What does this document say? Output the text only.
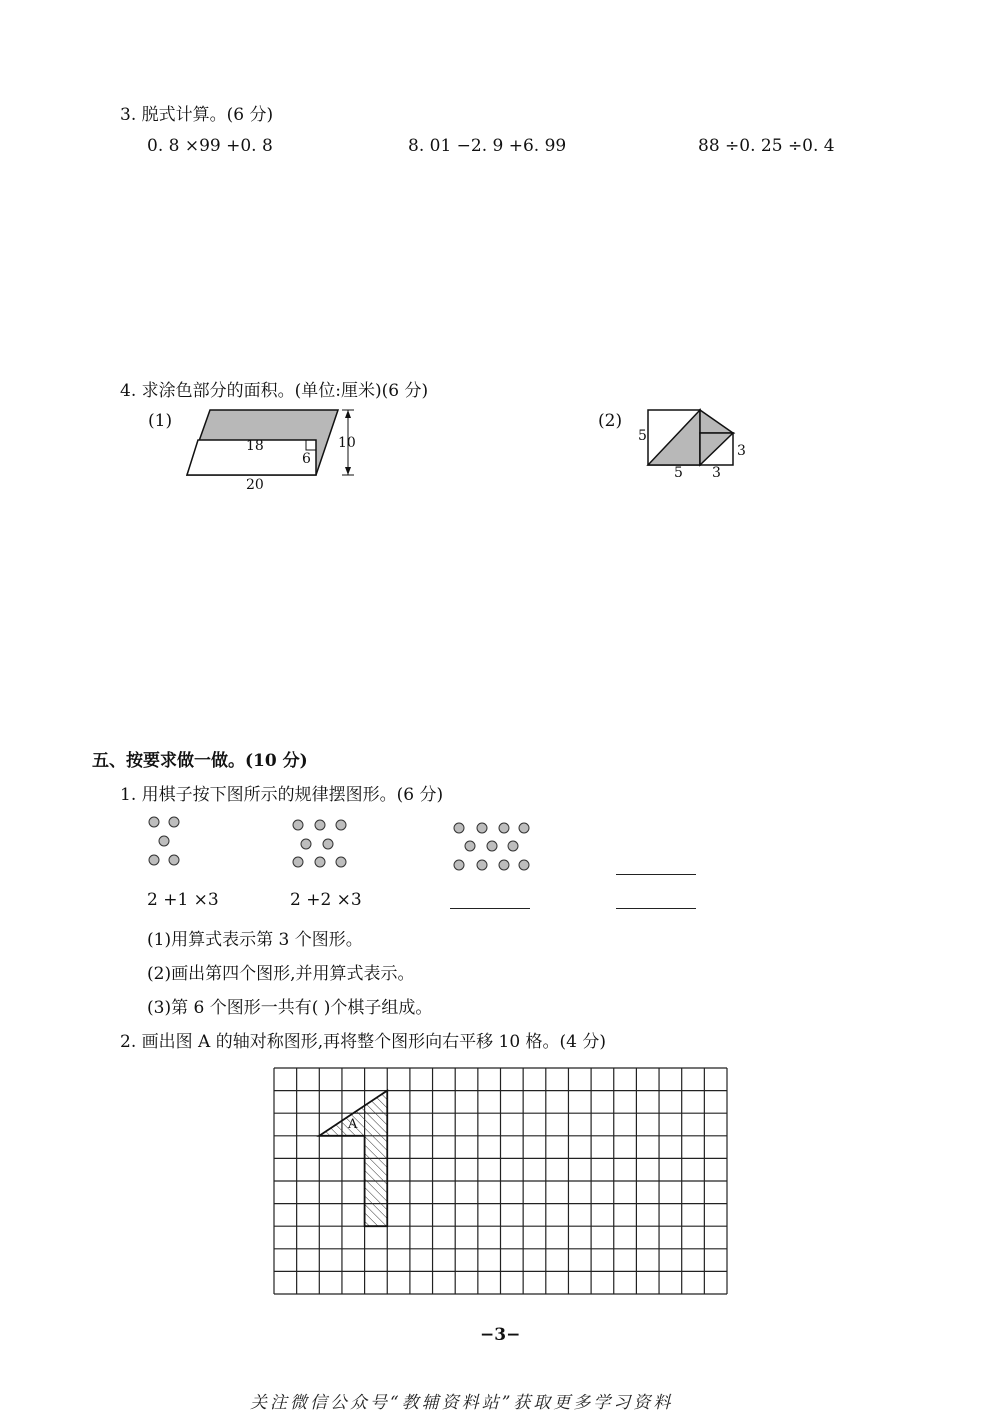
3. 脱式计算。(6 分)
0. 8 ×99 +0. 8	8. 01 −2. 9 +6. 99	88 ÷0. 25 ÷0. 4
4. 求涂色部分的面积。(单位:厘米)(6 分)
(1)
18
6
10
20
(2)
5
5 3
3
五、按要求做一做。(10 分)
1. 用棋子按下图所示的规律摆图形。(6 分)
2 +1 ×3	2 +2 ×3
(1)用算式表示第 3 个图形。
(2)画出第四个图形,并用算式表示。
(3)第 6 个图形一共有( )个棋子组成。
2. 画出图 A 的轴对称图形,再将整个图形向右平移 10 格。(4 分)
A
−3−
关注微信公众号“教辅资料站”获取更多学习资料
